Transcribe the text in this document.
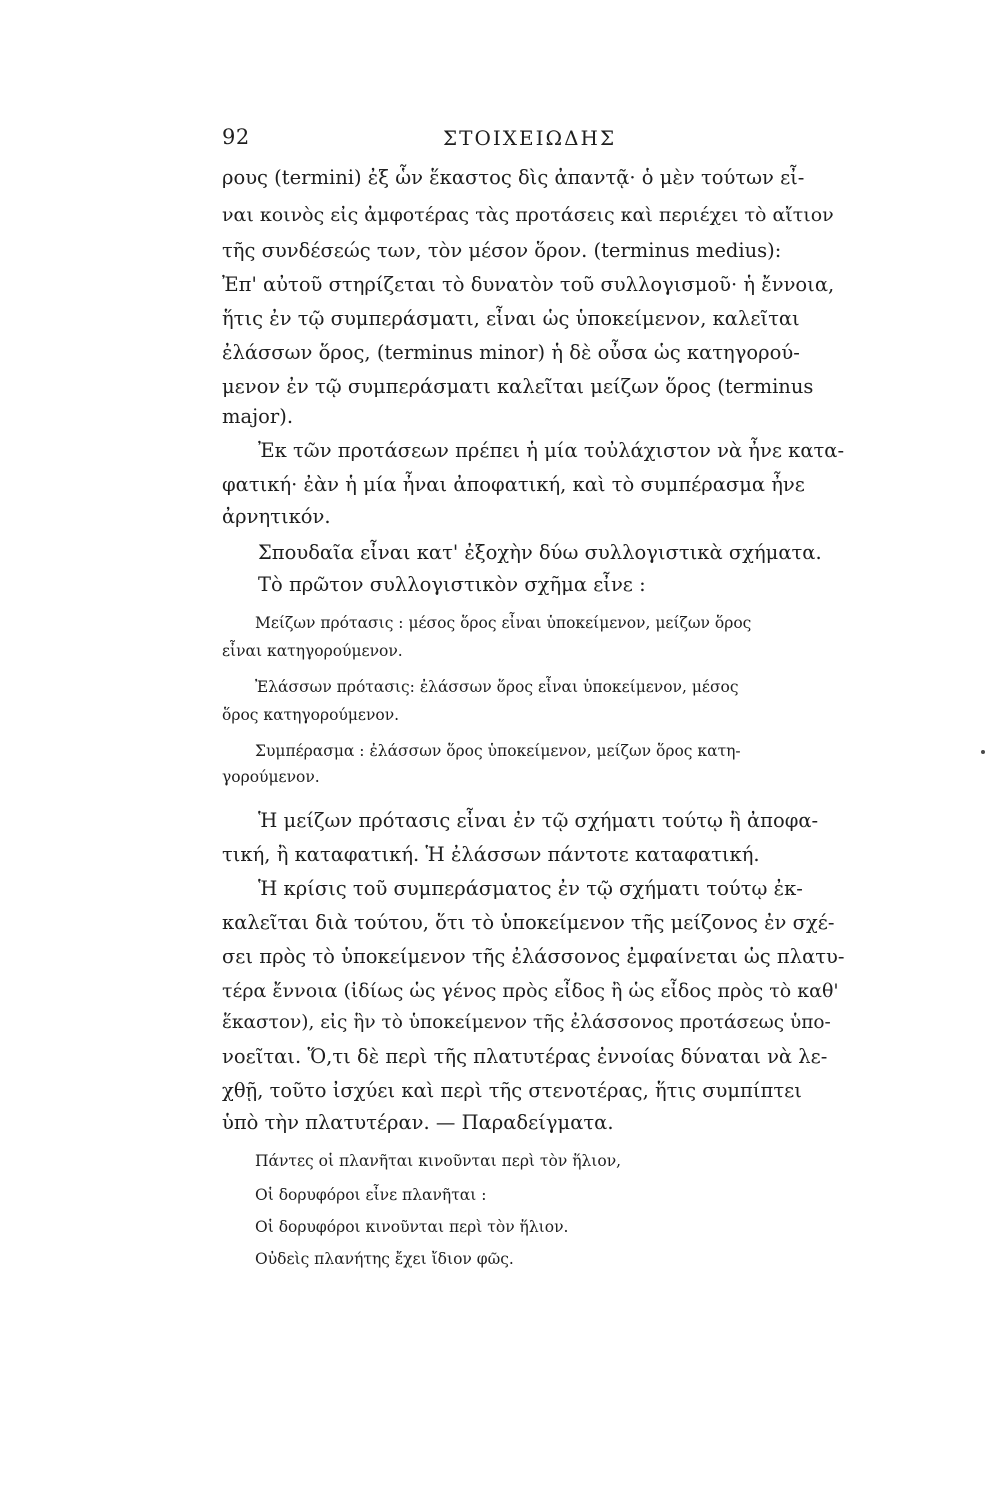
92	ΣΤΟΙΧΕΙΩΔΗΣ
ρους (termini) ἐξ ὧν ἕκαστος δὶς ἀπαντᾷ· ὁ μὲν τούτων εἶ-
ναι κοινὸς εἰς ἀμφοτέρας τὰς προτάσεις καὶ περιέχει τὸ αἴτιον
τῆς συνδέσεώς των, τὸν μέσον ὅρον. (terminus medius):
Ἐπ' αὐτοῦ στηρίζεται τὸ δυνατὸν τοῦ συλλογισμοῦ· ἡ ἔννοια,
ἥτις ἐν τῷ συμπεράσματι, εἶναι ὡς ὑποκείμενον, καλεῖται
ἐλάσσων ὅρος, (terminus minor) ἡ δὲ οὖσα ὡς κατηγορού-
μενον ἐν τῷ συμπεράσματι καλεῖται μείζων ὅρος (terminus
major).
Ἐκ τῶν προτάσεων πρέπει ἡ μία τοὐλάχιστον νὰ ἦνε κατα-
φατική· ἐὰν ἡ μία ἦναι ἀποφατική, καὶ τὸ συμπέρασμα ἦνε
ἀρνητικόν.
Σπουδαῖα εἶναι κατ' ἐξοχὴν δύω συλλογιστικὰ σχήματα.
Τὸ πρῶτον συλλογιστικὸν σχῆμα εἶνε :
Μείζων πρότασις : μέσος ὅρος εἶναι ὑποκείμενον, μείζων ὅρος
εἶναι κατηγορούμενον.
Ἐλάσσων πρότασις: ἐλάσσων ὅρος εἶναι ὑποκείμενον, μέσος
ὅρος κατηγορούμενον.
Συμπέρασμα : ἐλάσσων ὅρος ὑποκείμενον, μείζων ὅρος κατη-
γορούμενον.
Ἡ μείζων πρότασις εἶναι ἐν τῷ σχήματι τούτῳ ἢ ἀποφα-
τική, ἢ καταφατική. Ἡ ἐλάσσων πάντοτε καταφατική.
Ἡ κρίσις τοῦ συμπεράσματος ἐν τῷ σχήματι τούτῳ ἐκ-
καλεῖται διὰ τούτου, ὅτι τὸ ὑποκείμενον τῆς μείζονος ἐν σχέ-
σει πρὸς τὸ ὑποκείμενον τῆς ἐλάσσονος ἐμφαίνεται ὡς πλατυ-
τέρα ἔννοια (ἰδίως ὡς γένος πρὸς εἶδος ἢ ὡς εἶδος πρὸς τὸ καθ'
ἕκαστον), εἰς ἣν τὸ ὑποκείμενον τῆς ἐλάσσονος προτάσεως ὑπο-
νοεῖται. Ὅ,τι δὲ περὶ τῆς πλατυτέρας ἐννοίας δύναται νὰ λε-
χθῇ, τοῦτο ἰσχύει καὶ περὶ τῆς στενοτέρας, ἥτις συμπίπτει
ὑπὸ τὴν πλατυτέραν. — Παραδείγματα.
Πάντες οἱ πλανῆται κινοῦνται περὶ τὸν ἥλιον,
Οἱ δορυφόροι εἶνε πλανῆται :
Οἱ δορυφόροι κινοῦνται περὶ τὸν ἥλιον.
Οὐδεὶς πλανήτης ἔχει ἴδιον φῶς.
